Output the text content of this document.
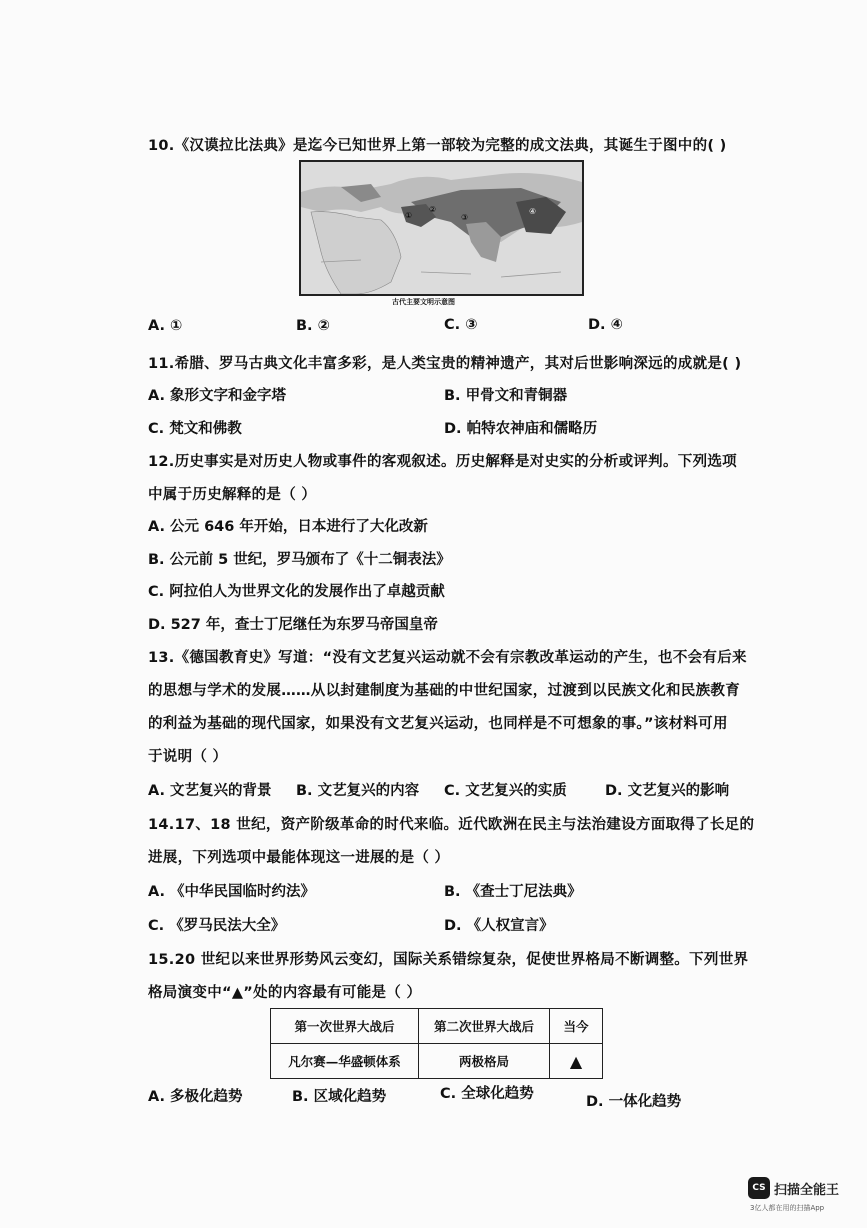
10.《汉谟拉比法典》是迄今已知世界上第一部较为完整的成文法典，其诞生于图中的( )
①
②
③
④
古代主要文明示意图
A. ①	B. ②	C. ③	D. ④
11.希腊、罗马古典文化丰富多彩，是人类宝贵的精神遗产，其对后世影响深远的成就是( )
A. 象形文字和金字塔	B. 甲骨文和青铜器
C. 梵文和佛教	D. 帕特农神庙和儒略历
12.历史事实是对历史人物或事件的客观叙述。历史解释是对史实的分析或评判。下列选项
中属于历史解释的是（ ）
A. 公元 646 年开始，日本进行了大化改新
B. 公元前 5 世纪，罗马颁布了《十二铜表法》
C. 阿拉伯人为世界文化的发展作出了卓越贡献
D. 527 年，查士丁尼继任为东罗马帝国皇帝
13.《德国教育史》写道：“没有文艺复兴运动就不会有宗教改革运动的产生，也不会有后来
的思想与学术的发展……从以封建制度为基础的中世纪国家，过渡到以民族文化和民族教育
的利益为基础的现代国家，如果没有文艺复兴运动，也同样是不可想象的事。”该材料可用
于说明（ ）
A. 文艺复兴的背景 B. 文艺复兴的内容 C. 文艺复兴的实质	D. 文艺复兴的影响
14.17、18 世纪，资产阶级革命的时代来临。近代欧洲在民主与法治建设方面取得了长足的
进展，下列选项中最能体现这一进展的是（ ）
A. 《中华民国临时约法》	B. 《查士丁尼法典》
C. 《罗马民法大全》	D. 《人权宣言》
15.20 世纪以来世界形势风云变幻，国际关系错综复杂，促使世界格局不断调整。下列世界
格局演变中“▲”处的内容最有可能是（ ）
第一次世界大战后	第二次世界大战后	当今
凡尔赛—华盛顿体系	两极格局	▲
A. 多极化趋势	B. 区域化趋势	C. 全球化趋势	D. 一体化趋势
CS 扫描全能王
3亿人都在用的扫描App
